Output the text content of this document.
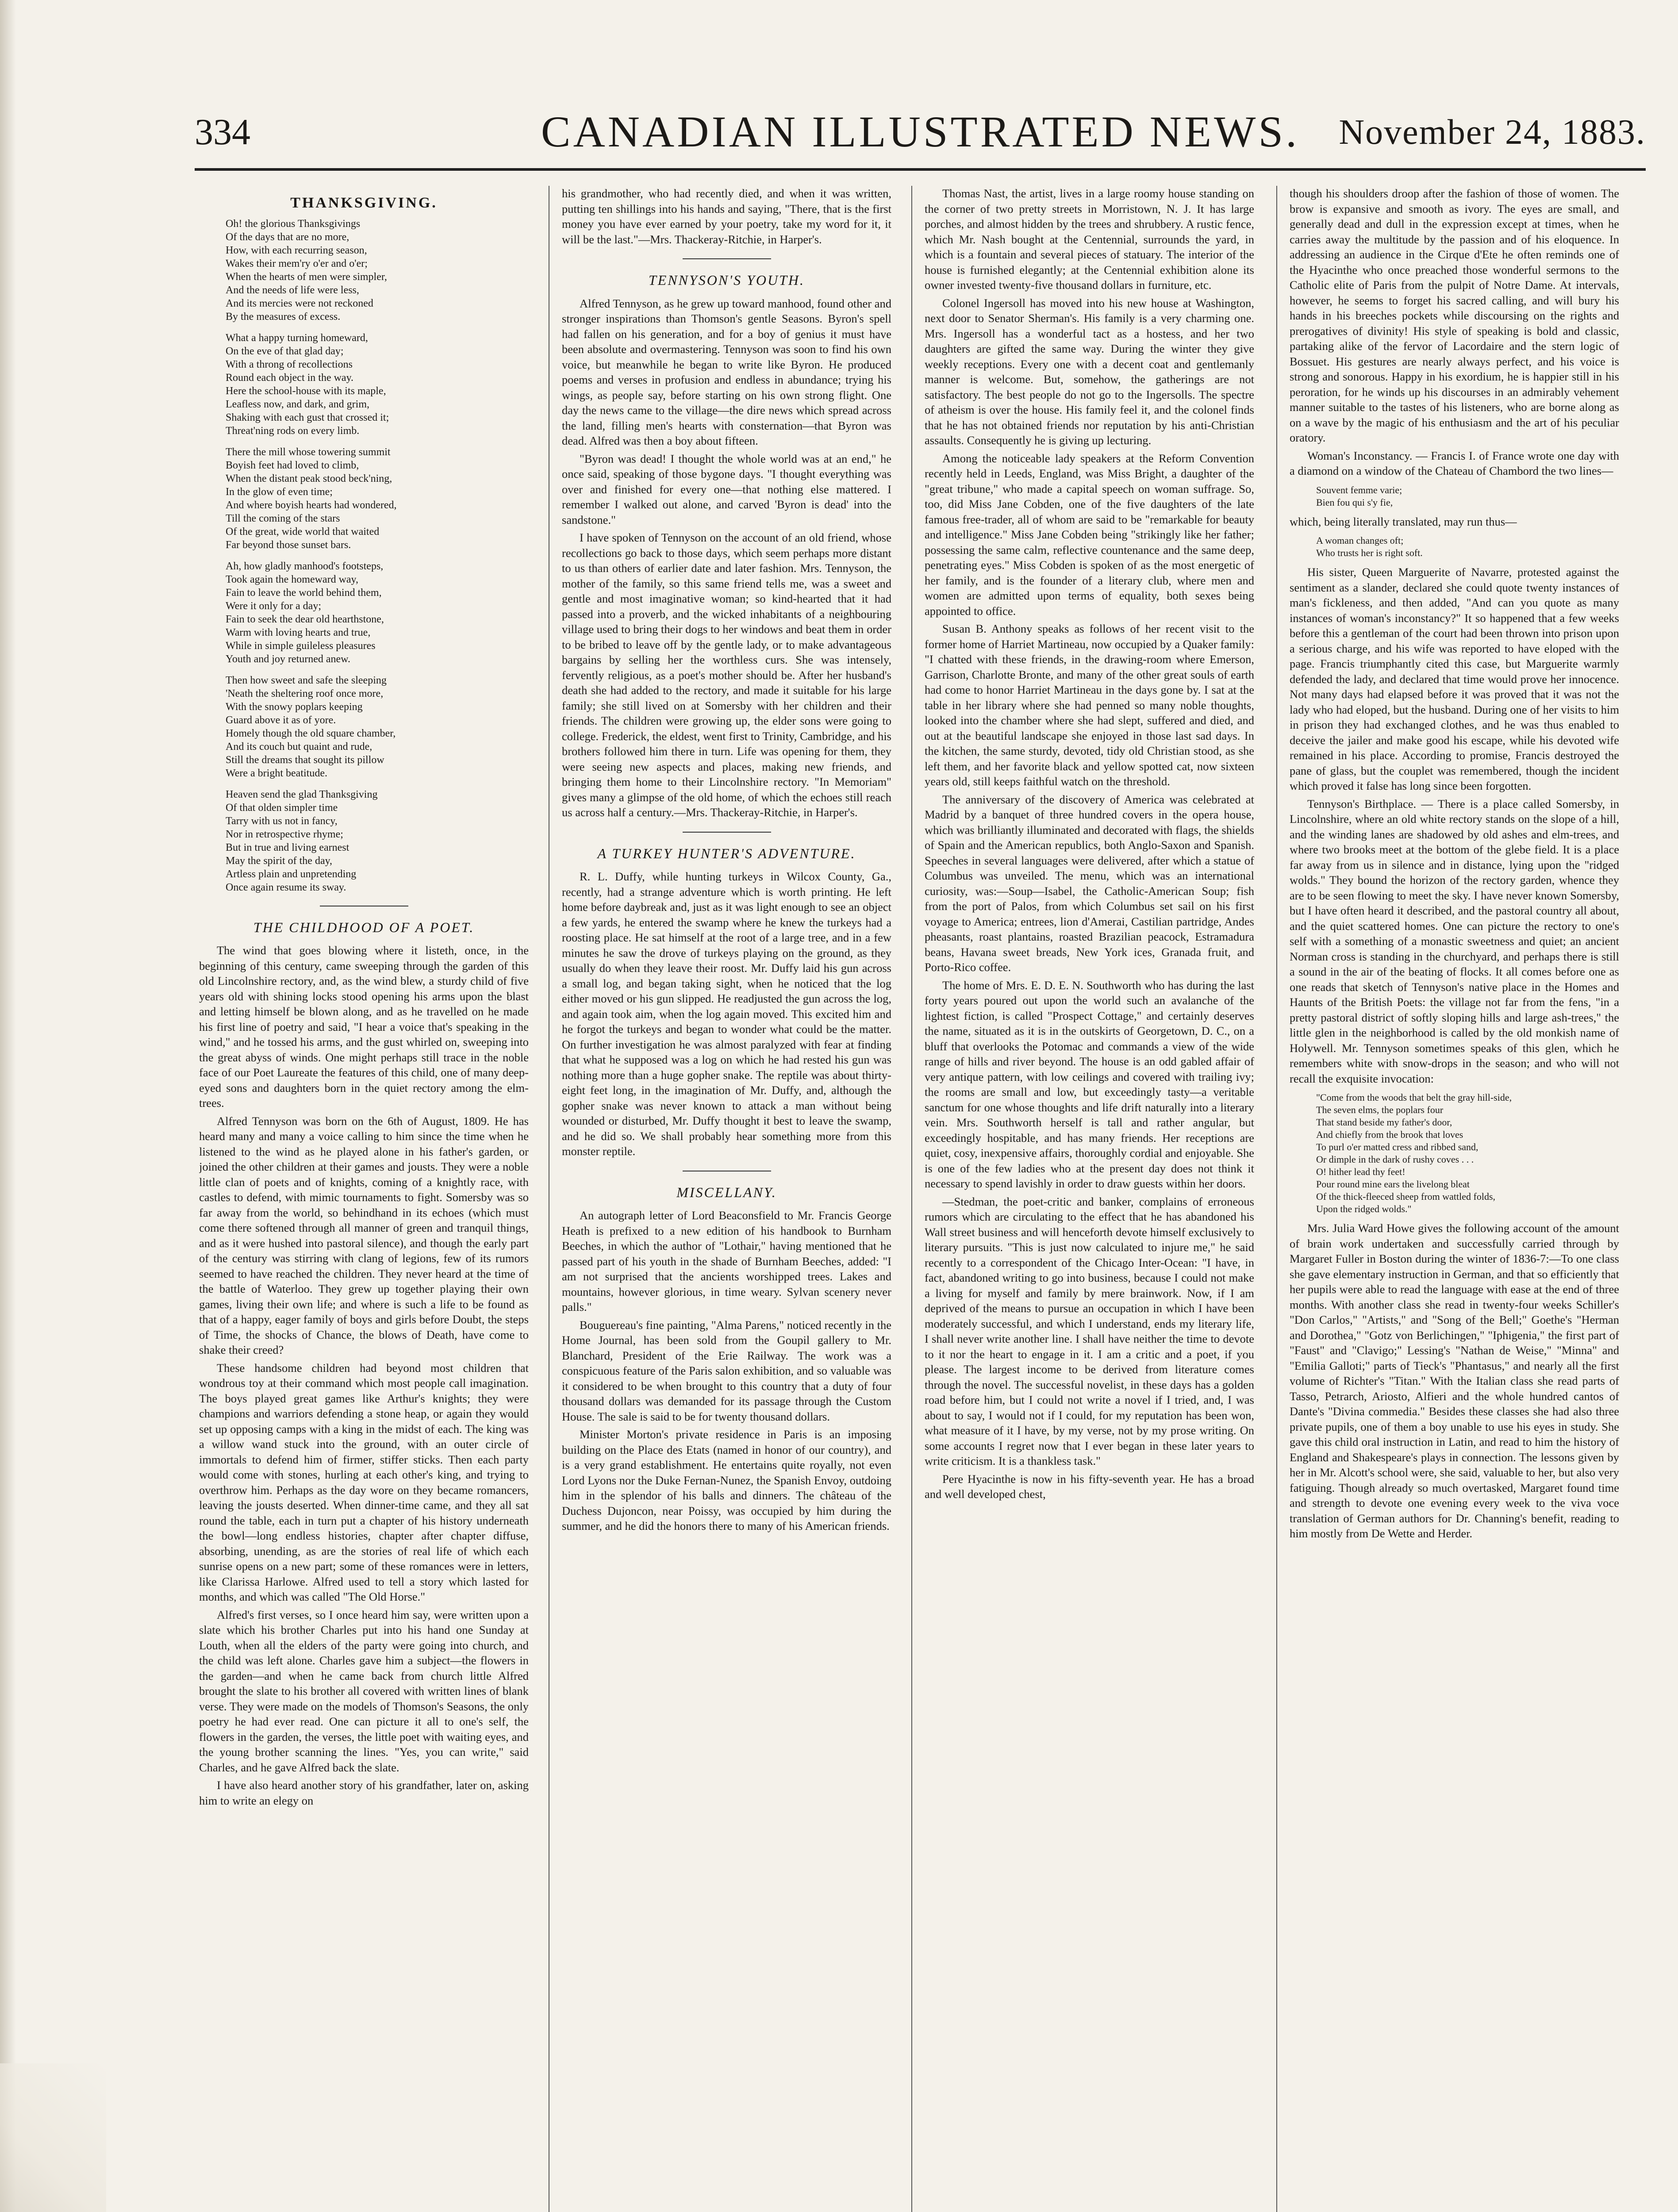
334	CANADIAN ILLUSTRATED NEWS.	November 24, 1883.
THANKSGIVING.
Oh! the glorious Thanksgivings
Of the days that are no more,
How, with each recurring season,
Wakes their mem'ry o'er and o'er;
When the hearts of men were simpler,
And the needs of life were less,
And its mercies were not reckoned
By the measures of excess.
What a happy turning homeward,
On the eve of that glad day;
With a throng of recollections
Round each object in the way.
Here the school-house with its maple,
Leafless now, and dark, and grim,
Shaking with each gust that crossed it;
Threat'ning rods on every limb.
There the mill whose towering summit
Boyish feet had loved to climb,
When the distant peak stood beck'ning,
In the glow of even time;
And where boyish hearts had wondered,
Till the coming of the stars
Of the great, wide world that waited
Far beyond those sunset bars.
Ah, how gladly manhood's footsteps,
Took again the homeward way,
Fain to leave the world behind them,
Were it only for a day;
Fain to seek the dear old hearthstone,
Warm with loving hearts and true,
While in simple guileless pleasures
Youth and joy returned anew.
Then how sweet and safe the sleeping
'Neath the sheltering roof once more,
With the snowy poplars keeping
Guard above it as of yore.
Homely though the old square chamber,
And its couch but quaint and rude,
Still the dreams that sought its pillow
Were a bright beatitude.
Heaven send the glad Thanksgiving
Of that olden simpler time
Tarry with us not in fancy,
Nor in retrospective rhyme;
But in true and living earnest
May the spirit of the day,
Artless plain and unpretending
Once again resume its sway.
THE CHILDHOOD OF A POET.

The wind that goes blowing where it listeth, once, in the beginning of this century, came sweeping through the garden of this old Lincolnshire rectory, and, as the wind blew, a sturdy child of five years old with shining locks stood opening his arms upon the blast and letting himself be blown along, and as he travelled on he made his first line of poetry and said, "I hear a voice that's speaking in the wind," and he tossed his arms, and the gust whirled on, sweeping into the great abyss of winds. One might perhaps still trace in the noble face of our Poet Laureate the features of this child, one of many deep-eyed sons and daughters born in the quiet rectory among the elm-trees.

Alfred Tennyson was born on the 6th of August, 1809. He has heard many and many a voice calling to him since the time when he listened to the wind as he played alone in his father's garden, or joined the other children at their games and jousts. They were a noble little clan of poets and of knights, coming of a knightly race, with castles to defend, with mimic tournaments to fight. Somersby was so far away from the world, so behindhand in its echoes (which must come there softened through all manner of green and tranquil things, and as it were hushed into pastoral silence), and though the early part of the century was stirring with clang of legions, few of its rumors seemed to have reached the children. They never heard at the time of the battle of Waterloo. They grew up together playing their own games, living their own life; and where is such a life to be found as that of a happy, eager family of boys and girls before Doubt, the steps of Time, the shocks of Chance, the blows of Death, have come to shake their creed?

These handsome children had beyond most children that wondrous toy at their command which most people call imagination. The boys played great games like Arthur's knights; they were champions and warriors defending a stone heap, or again they would set up opposing camps with a king in the midst of each. The king was a willow wand stuck into the ground, with an outer circle of immortals to defend him of firmer, stiffer sticks. Then each party would come with stones, hurling at each other's king, and trying to overthrow him. Perhaps as the day wore on they became romancers, leaving the jousts deserted. When dinner-time came, and they all sat round the table, each in turn put a chapter of his history underneath the bowl—long endless histories, chapter after chapter diffuse, absorbing, unending, as are the stories of real life of which each sunrise opens on a new part; some of these romances were in letters, like Clarissa Harlowe. Alfred used to tell a story which lasted for months, and which was called "The Old Horse."

Alfred's first verses, so I once heard him say, were written upon a slate which his brother Charles put into his hand one Sunday at Louth, when all the elders of the party were going into church, and the child was left alone. Charles gave him a subject—the flowers in the garden—and when he came back from church little Alfred brought the slate to his brother all covered with written lines of blank verse. They were made on the models of Thomson's Seasons, the only poetry he had ever read. One can picture it all to one's self, the flowers in the garden, the verses, the little poet with waiting eyes, and the young brother scanning the lines. "Yes, you can write," said Charles, and he gave Alfred back the slate.

I have also heard another story of his grandfather, later on, asking him to write an elegy on

his grandmother, who had recently died, and when it was written, putting ten shillings into his hands and saying, "There, that is the first money you have ever earned by your poetry, take my word for it, it will be the last."—Mrs. Thackeray-Ritchie, in Harper's.

TENNYSON'S YOUTH.

Alfred Tennyson, as he grew up toward manhood, found other and stronger inspirations than Thomson's gentle Seasons. Byron's spell had fallen on his generation, and for a boy of genius it must have been absolute and overmastering. Tennyson was soon to find his own voice, but meanwhile he began to write like Byron. He produced poems and verses in profusion and endless in abundance; trying his wings, as people say, before starting on his own strong flight. One day the news came to the village—the dire news which spread across the land, filling men's hearts with consternation—that Byron was dead. Alfred was then a boy about fifteen.

"Byron was dead! I thought the whole world was at an end," he once said, speaking of those bygone days. "I thought everything was over and finished for every one—that nothing else mattered. I remember I walked out alone, and carved 'Byron is dead' into the sandstone."

I have spoken of Tennyson on the account of an old friend, whose recollections go back to those days, which seem perhaps more distant to us than others of earlier date and later fashion. Mrs. Tennyson, the mother of the family, so this same friend tells me, was a sweet and gentle and most imaginative woman; so kind-hearted that it had passed into a proverb, and the wicked inhabitants of a neighbouring village used to bring their dogs to her windows and beat them in order to be bribed to leave off by the gentle lady, or to make advantageous bargains by selling her the worthless curs. She was intensely, fervently religious, as a poet's mother should be. After her husband's death she had added to the rectory, and made it suitable for his large family; she still lived on at Somersby with her children and their friends. The children were growing up, the elder sons were going to college. Frederick, the eldest, went first to Trinity, Cambridge, and his brothers followed him there in turn. Life was opening for them, they were seeing new aspects and places, making new friends, and bringing them home to their Lincolnshire rectory. "In Memoriam" gives many a glimpse of the old home, of which the echoes still reach us across half a century.—Mrs. Thackeray-Ritchie, in Harper's.

A TURKEY HUNTER'S ADVENTURE.

R. L. Duffy, while hunting turkeys in Wilcox County, Ga., recently, had a strange adventure which is worth printing. He left home before daybreak and, just as it was light enough to see an object a few yards, he entered the swamp where he knew the turkeys had a roosting place. He sat himself at the root of a large tree, and in a few minutes he saw the drove of turkeys playing on the ground, as they usually do when they leave their roost. Mr. Duffy laid his gun across a small log, and began taking sight, when he noticed that the log either moved or his gun slipped. He readjusted the gun across the log, and again took aim, when the log again moved. This excited him and he forgot the turkeys and began to wonder what could be the matter. On further investigation he was almost paralyzed with fear at finding that what he supposed was a log on which he had rested his gun was nothing more than a huge gopher snake. The reptile was about thirty-eight feet long, in the imagination of Mr. Duffy, and, although the gopher snake was never known to attack a man without being wounded or disturbed, Mr. Duffy thought it best to leave the swamp, and he did so. We shall probably hear something more from this monster reptile.

MISCELLANY.

An autograph letter of Lord Beaconsfield to Mr. Francis George Heath is prefixed to a new edition of his handbook to Burnham Beeches, in which the author of "Lothair," having mentioned that he passed part of his youth in the shade of Burnham Beeches, added: "I am not surprised that the ancients worshipped trees. Lakes and mountains, however glorious, in time weary. Sylvan scenery never palls."

Bouguereau's fine painting, "Alma Parens," noticed recently in the Home Journal, has been sold from the Goupil gallery to Mr. Blanchard, President of the Erie Railway. The work was a conspicuous feature of the Paris salon exhibition, and so valuable was it considered to be when brought to this country that a duty of four thousand dollars was demanded for its passage through the Custom House. The sale is said to be for twenty thousand dollars.

Minister Morton's private residence in Paris is an imposing building on the Place des Etats (named in honor of our country), and is a very grand establishment. He entertains quite royally, not even Lord Lyons nor the Duke Fernan-Nunez, the Spanish Envoy, outdoing him in the splendor of his balls and dinners. The château of the Duchess Dujoncon, near Poissy, was occupied by him during the summer, and he did the honors there to many of his American friends.

Thomas Nast, the artist, lives in a large roomy house standing on the corner of two pretty streets in Morristown, N. J. It has large porches, and almost hidden by the trees and shrubbery. A rustic fence, which Mr. Nash bought at the Centennial, surrounds the yard, in which is a fountain and several pieces of statuary. The interior of the house is furnished elegantly; at the Centennial exhibition alone its owner invested twenty-five thousand dollars in furniture, etc.

Colonel Ingersoll has moved into his new house at Washington, next door to Senator Sherman's. His family is a very charming one. Mrs. Ingersoll has a wonderful tact as a hostess, and her two daughters are gifted the same way. During the winter they give weekly receptions. Every one with a decent coat and gentlemanly manner is welcome. But, somehow, the gatherings are not satisfactory. The best people do not go to the Ingersolls. The spectre of atheism is over the house. His family feel it, and the colonel finds that he has not obtained friends nor reputation by his anti-Christian assaults. Consequently he is giving up lecturing.

Among the noticeable lady speakers at the Reform Convention recently held in Leeds, England, was Miss Bright, a daughter of the "great tribune," who made a capital speech on woman suffrage. So, too, did Miss Jane Cobden, one of the five daughters of the late famous free-trader, all of whom are said to be "remarkable for beauty and intelligence." Miss Jane Cobden being "strikingly like her father; possessing the same calm, reflective countenance and the same deep, penetrating eyes." Miss Cobden is spoken of as the most energetic of her family, and is the founder of a literary club, where men and women are admitted upon terms of equality, both sexes being appointed to office.

Susan B. Anthony speaks as follows of her recent visit to the former home of Harriet Martineau, now occupied by a Quaker family: "I chatted with these friends, in the drawing-room where Emerson, Garrison, Charlotte Bronte, and many of the other great souls of earth had come to honor Harriet Martineau in the days gone by. I sat at the table in her library where she had penned so many noble thoughts, looked into the chamber where she had slept, suffered and died, and out at the beautiful landscape she enjoyed in those last sad days. In the kitchen, the same sturdy, devoted, tidy old Christian stood, as she left them, and her favorite black and yellow spotted cat, now sixteen years old, still keeps faithful watch on the threshold.

The anniversary of the discovery of America was celebrated at Madrid by a banquet of three hundred covers in the opera house, which was brilliantly illuminated and decorated with flags, the shields of Spain and the American republics, both Anglo-Saxon and Spanish. Speeches in several languages were delivered, after which a statue of Columbus was unveiled. The menu, which was an international curiosity, was:—Soup—Isabel, the Catholic-American Soup; fish from the port of Palos, from which Columbus set sail on his first voyage to America; entrees, lion d'Amerai, Castilian partridge, Andes pheasants, roast plantains, roasted Brazilian peacock, Estramadura beans, Havana sweet breads, New York ices, Granada fruit, and Porto-Rico coffee.

The home of Mrs. E. D. E. N. Southworth who has during the last forty years poured out upon the world such an avalanche of the lightest fiction, is called "Prospect Cottage," and certainly deserves the name, situated as it is in the outskirts of Georgetown, D. C., on a bluff that overlooks the Potomac and commands a view of the wide range of hills and river beyond. The house is an odd gabled affair of very antique pattern, with low ceilings and covered with trailing ivy; the rooms are small and low, but exceedingly tasty—a veritable sanctum for one whose thoughts and life drift naturally into a literary vein. Mrs. Southworth herself is tall and rather angular, but exceedingly hospitable, and has many friends. Her receptions are quiet, cosy, inexpensive affairs, thoroughly cordial and enjoyable. She is one of the few ladies who at the present day does not think it necessary to spend lavishly in order to draw guests within her doors.

—Stedman, the poet-critic and banker, complains of erroneous rumors which are circulating to the effect that he has abandoned his Wall street business and will henceforth devote himself exclusively to literary pursuits. "This is just now calculated to injure me," he said recently to a correspondent of the Chicago Inter-Ocean: "I have, in fact, abandoned writing to go into business, because I could not make a living for myself and family by mere brainwork. Now, if I am deprived of the means to pursue an occupation in which I have been moderately successful, and which I understand, ends my literary life, I shall never write another line. I shall have neither the time to devote to it nor the heart to engage in it. I am a critic and a poet, if you please. The largest income to be derived from literature comes through the novel. The successful novelist, in these days has a golden road before him, but I could not write a novel if I tried, and, I was about to say, I would not if I could, for my reputation has been won, what measure of it I have, by my verse, not by my prose writing. On some accounts I regret now that I ever began in these later years to write criticism. It is a thankless task."

Pere Hyacinthe is now in his fifty-seventh year. He has a broad and well developed chest,

though his shoulders droop after the fashion of those of women. The brow is expansive and smooth as ivory. The eyes are small, and generally dead and dull in the expression except at times, when he carries away the multitude by the passion and of his eloquence. In addressing an audience in the Cirque d'Ete he often reminds one of the Hyacinthe who once preached those wonderful sermons to the Catholic elite of Paris from the pulpit of Notre Dame. At intervals, however, he seems to forget his sacred calling, and will bury his hands in his breeches pockets while discoursing on the rights and prerogatives of divinity! His style of speaking is bold and classic, partaking alike of the fervor of Lacordaire and the stern logic of Bossuet. His gestures are nearly always perfect, and his voice is strong and sonorous. Happy in his exordium, he is happier still in his peroration, for he winds up his discourses in an admirably vehement manner suitable to the tastes of his listeners, who are borne along as on a wave by the magic of his enthusiasm and the art of his peculiar oratory.

Woman's Inconstancy. — Francis I. of France wrote one day with a diamond on a window of the Chateau of Chambord the two lines—

Souvent femme varie;
Bien fou qui s'y fie,

which, being literally translated, may run thus—

A woman changes oft;
Who trusts her is right soft.

His sister, Queen Marguerite of Navarre, protested against the sentiment as a slander, declared she could quote twenty instances of man's fickleness, and then added, "And can you quote as many instances of woman's inconstancy?" It so happened that a few weeks before this a gentleman of the court had been thrown into prison upon a serious charge, and his wife was reported to have eloped with the page. Francis triumphantly cited this case, but Marguerite warmly defended the lady, and declared that time would prove her innocence. Not many days had elapsed before it was proved that it was not the lady who had eloped, but the husband. During one of her visits to him in prison they had exchanged clothes, and he was thus enabled to deceive the jailer and make good his escape, while his devoted wife remained in his place. According to promise, Francis destroyed the pane of glass, but the couplet was remembered, though the incident which proved it false has long since been forgotten.

Tennyson's Birthplace. — There is a place called Somersby, in Lincolnshire, where an old white rectory stands on the slope of a hill, and the winding lanes are shadowed by old ashes and elm-trees, and where two brooks meet at the bottom of the glebe field. It is a place far away from us in silence and in distance, lying upon the "ridged wolds." They bound the horizon of the rectory garden, whence they are to be seen flowing to meet the sky. I have never known Somersby, but I have often heard it described, and the pastoral country all about, and the quiet scattered homes. One can picture the rectory to one's self with a something of a monastic sweetness and quiet; an ancient Norman cross is standing in the churchyard, and perhaps there is still a sound in the air of the beating of flocks. It all comes before one as one reads that sketch of Tennyson's native place in the Homes and Haunts of the British Poets: the village not far from the fens, "in a pretty pastoral district of softly sloping hills and large ash-trees," the little glen in the neighborhood is called by the old monkish name of Holywell. Mr. Tennyson sometimes speaks of this glen, which he remembers white with snow-drops in the season; and who will not recall the exquisite invocation:

"Come from the woods that belt the gray hill-side,
The seven elms, the poplars four
That stand beside my father's door,
And chiefly from the brook that loves
To purl o'er matted cress and ribbed sand,
Or dimple in the dark of rushy coves . . .
O! hither lead thy feet!
Pour round mine ears the livelong bleat
Of the thick-fleeced sheep from wattled folds,
Upon the ridged wolds."

Mrs. Julia Ward Howe gives the following account of the amount of brain work undertaken and successfully carried through by Margaret Fuller in Boston during the winter of 1836-7:—To one class she gave elementary instruction in German, and that so efficiently that her pupils were able to read the language with ease at the end of three months. With another class she read in twenty-four weeks Schiller's "Don Carlos," "Artists," and "Song of the Bell;" Goethe's "Herman and Dorothea," "Gotz von Berlichingen," "Iphigenia," the first part of "Faust" and "Clavigo;" Lessing's "Nathan de Weise," "Minna" and "Emilia Galloti;" parts of Tieck's "Phantasus," and nearly all the first volume of Richter's "Titan." With the Italian class she read parts of Tasso, Petrarch, Ariosto, Alfieri and the whole hundred cantos of Dante's "Divina commedia." Besides these classes she had also three private pupils, one of them a boy unable to use his eyes in study. She gave this child oral instruction in Latin, and read to him the history of England and Shakespeare's plays in connection. The lessons given by her in Mr. Alcott's school were, she said, valuable to her, but also very fatiguing. Though already so much overtasked, Margaret found time and strength to devote one evening every week to the viva voce translation of German authors for Dr. Channing's benefit, reading to him mostly from De Wette and Herder.
